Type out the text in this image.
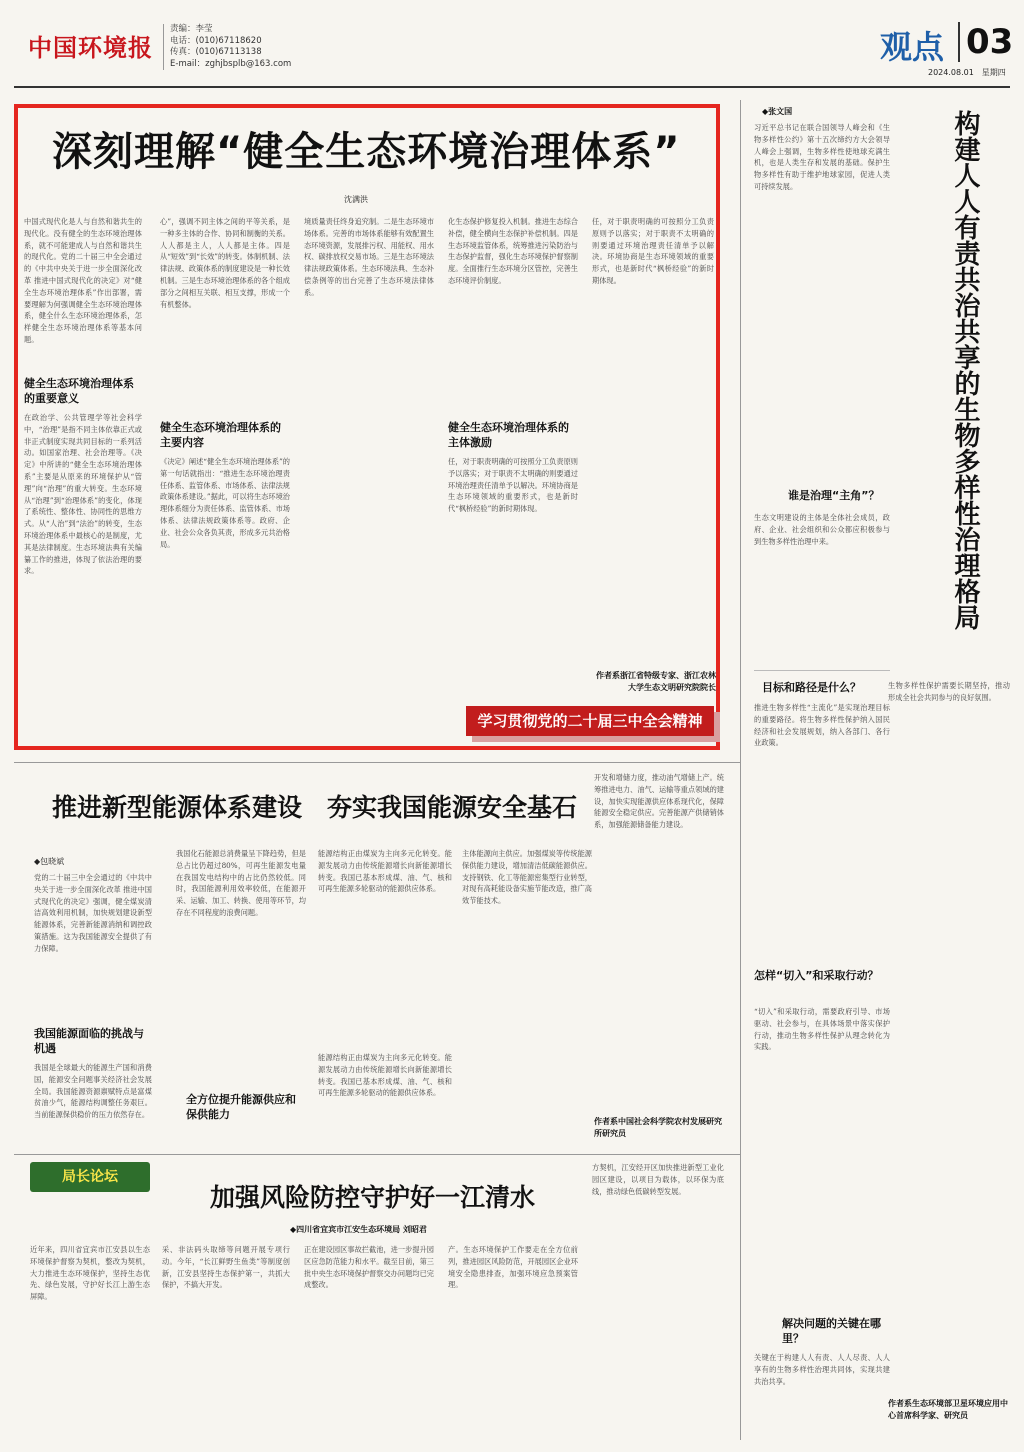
中国环境报
责编：李莹
电话：(010)67118620
传真：(010)67113138
E-mail：zghjbsplb@163.com	观点 03
2024.08.01　星期四
深刻理解“健全生态环境治理体系”
沈满洪
中国式现代化是人与自然和谐共生的现代化。没有健全的生态环境治理体系，就不可能建成人与自然和谐共生的现代化。党的二十届三中全会通过的《中共中央关于进一步全面深化改革 推进中国式现代化的决定》对“健全生态环境治理体系”作出部署，需要理解为何强调健全生态环境治理体系，健全什么生态环境治理体系，怎样健全生态环境治理体系等基本问题。
健全生态环境治理体系的重要意义
在政治学、公共管理学等社会科学中，“治理”是指不同主体依靠正式或非正式制度实现共同目标的一系列活动。如国家治理、社会治理等。《决定》中所讲的“健全生态环境治理体系”主要是从原来的环境保护从“管理”向“治理”的重大转变。生态环境从“治理”到“治理体系”的变化，体现了系统性、整体性、协同性的思维方式。从“人治”到“法治”的转变，生态环境治理体系中最核心的是制度，尤其是法律制度。生态环境法典有关编纂工作的推进，体现了依法治理的要求。
心”，强调不同主体之间的平等关系，是一种多主体的合作、协同和制衡的关系。人人都是主人，人人都是主体。四是从“短效”到“长效”的转变。体制机制、法律法规、政策体系的制度建设是一种长效机制。三是生态环境治理体系的各个组成部分之间相互关联、相互支撑，形成一个有机整体。
健全生态环境治理体系的主要内容
《决定》阐述“健全生态环境治理体系”的第一句话就指出：“推进生态环境治理责任体系、监管体系、市场体系、法律法规政策体系建设。”据此，可以将生态环境治理体系细分为责任体系、监管体系、市场体系、法律法规政策体系等。政府、企业、社会公众各负其责，形成多元共治格局。
境质量责任终身追究制。二是生态环境市场体系。完善的市场体系能够有效配置生态环境资源，发展排污权、用能权、用水权、碳排放权交易市场。三是生态环境法律法规政策体系。生态环境法典、生态补偿条例等的出台完善了生态环境法律体系。
化生态保护修复投入机制。推进生态综合补偿，健全横向生态保护补偿机制。四是生态环境监管体系，统筹推进污染防治与生态保护监督，强化生态环境保护督察制度。全面推行生态环境分区管控，完善生态环境评价制度。
健全生态环境治理体系的主体激励
任，对于职责明确的可按照分工负责原则予以落实；对于职责不太明确的则要通过环境治理责任清单予以解决。环境协商是生态环境领域的重要形式，也是新时代“枫桥经验”的新时期体现。
任，对于职责明确的可按照分工负责原则予以落实；对于职责不太明确的则要通过环境治理责任清单予以解决。环境协商是生态环境领域的重要形式，也是新时代“枫桥经验”的新时期体现。
作者系浙江省特级专家、浙江农林大学生态文明研究院院长
学习贯彻党的二十届三中全会精神
推进新型能源体系建设　夯实我国能源安全基石
◆包晓斌
党的二十届三中全会通过的《中共中央关于进一步全面深化改革 推进中国式现代化的决定》强调，健全煤炭清洁高效利用机制，加快规划建设新型能源体系，完善新能源消纳和调控政策措施。这为我国能源安全提供了有力保障。
我国能源面临的挑战与机遇
我国是全球最大的能源生产国和消费国，能源安全问题事关经济社会发展全局。我国能源资源禀赋特点是富煤贫油少气，能源结构调整任务艰巨。当前能源保供稳价的压力依然存在。
我国化石能源总消费量呈下降趋势，但是总占比仍超过80%，可再生能源发电量在我国发电结构中的占比仍然较低。同时，我国能源利用效率较低，在能源开采、运输、加工、转换、使用等环节，均存在不同程度的浪费问题。
能源结构正由煤炭为主向多元化转变。能源发展动力由传统能源增长向新能源增长转变。我国已基本形成煤、油、气、核和可再生能源多轮驱动的能源供应体系。
全方位提升能源供应和保供能力
能源结构正由煤炭为主向多元化转变。能源发展动力由传统能源增长向新能源增长转变。我国已基本形成煤、油、气、核和可再生能源多轮驱动的能源供应体系。
主体能源向主供应。加强煤炭等传统能源保供能力建设，增加清洁低碳能源供应。支持钢铁、化工等能源密集型行业转型，对现有高耗能设备实施节能改造，推广高效节能技术。
开发和增储力度，推动油气增储上产。统筹推进电力、油气、运输等重点领域的建设，加快实现能源供应体系现代化，保障能源安全稳定供应。完善能源产供储销体系，加强能源储备能力建设。
作者系中国社会科学院农村发展研究所研究员
局长论坛
加强风险防控守护好一江清水
◆四川省宜宾市江安生态环境局 刘昭君
近年来，四川省宜宾市江安县以生态环境保护督察为契机，整改为契机，大力推进生态环境保护，坚持生态优先、绿色发展，守护好长江上游生态屏障。
采、非法码头取缔等问题开展专项行动。今年，“长江鲜野生鱼类”等制度创新，江安县坚持生态保护第一，共抓大保护，不搞大开发。
正在建设园区事故拦截池，进一步提升园区应急防范能力和水平。截至目前，第三批中央生态环境保护督察交办问题均已完成整改。
产。生态环境保护工作要走在全方位前列，推进园区风险防范，开展园区企业环境安全隐患排查，加强环境应急预案管理。
方契机，江安经开区加快推进新型工业化园区建设，以项目为载体，以环保为底线，推动绿色低碳转型发展。
◆张文国	构建人人有责共治共享的生物多样性治理格局
习近平总书记在联合国领导人峰会和《生物多样性公约》第十五次缔约方大会领导人峰会上强调，生物多样性使地球充满生机，也是人类生存和发展的基础。保护生物多样性有助于维护地球家园，促进人类可持续发展。
谁是治理“主角”？
生态文明建设的主体是全体社会成员，政府、企业、社会组织和公众都应积极参与到生物多样性治理中来。
目标和路径是什么？
推进生物多样性“主流化”是实现治理目标的重要路径。将生物多样性保护纳入国民经济和社会发展规划，纳入各部门、各行业政策。
怎样“切入”和采取行动？
“切入”和采取行动，需要政府引导、市场驱动、社会参与，在具体场景中落实保护行动，推动生物多样性保护从理念转化为实践。
解决问题的关键在哪里？
关键在于构建人人有责、人人尽责、人人享有的生物多样性治理共同体，实现共建共治共享。
生物多样性保护需要长期坚持，推动形成全社会共同参与的良好氛围。
作者系生态环境部卫星环境应用中心首席科学家、研究员
